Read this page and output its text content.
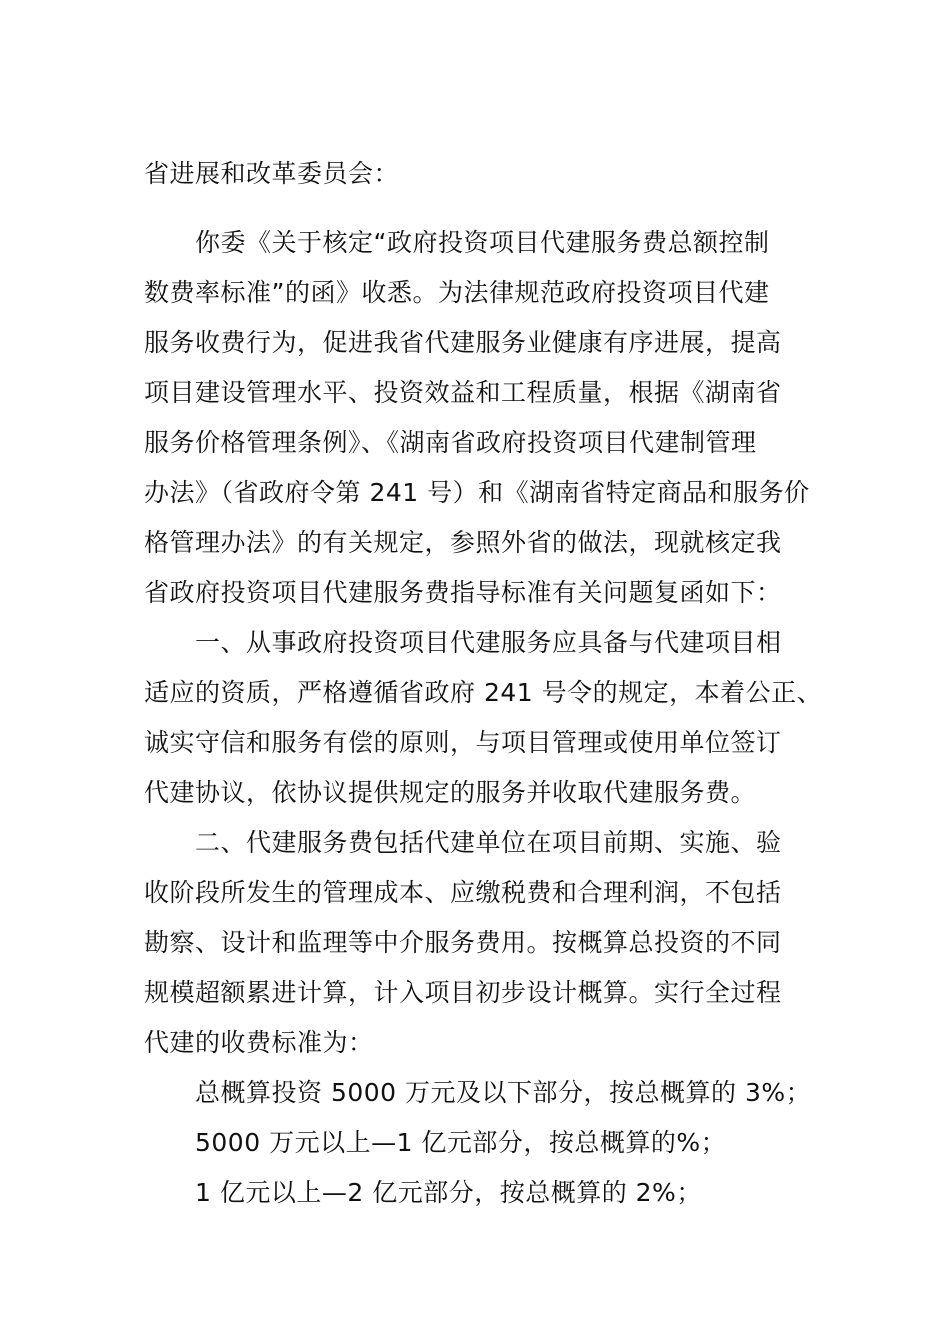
省进展和改革委员会：
你委《关于核定“政府投资项目代建服务费总额控制
数费率标准”的函》收悉。为法律规范政府投资项目代建
服务收费行为，促进我省代建服务业健康有序进展，提高
项目建设管理水平、投资效益和工程质量，根据《湖南省
服务价格管理条例》、《湖南省政府投资项目代建制管理
办法》（省政府令第 241 号）和《湖南省特定商品和服务价
格管理办法》的有关规定，参照外省的做法，现就核定我
省政府投资项目代建服务费指导标准有关问题复函如下：
一、从事政府投资项目代建服务应具备与代建项目相
适应的资质，严格遵循省政府 241 号令的规定，本着公正、
诚实守信和服务有偿的原则，与项目管理或使用单位签订
代建协议，依协议提供规定的服务并收取代建服务费。
二、代建服务费包括代建单位在项目前期、实施、验
收阶段所发生的管理成本、应缴税费和合理利润，不包括
勘察、设计和监理等中介服务费用。按概算总投资的不同
规模超额累进计算，计入项目初步设计概算。实行全过程
代建的收费标准为：
总概算投资 5000 万元及以下部分，按总概算的 3%；
5000 万元以上—1 亿元部分，按总概算的%；
1 亿元以上—2 亿元部分，按总概算的 2%；
